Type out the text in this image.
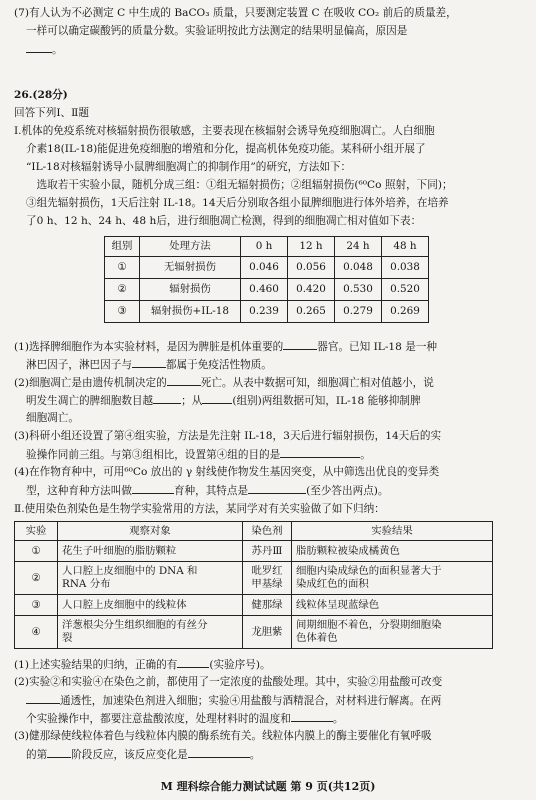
(7)有人认为不必测定 C 中生成的 BaCO₃ 质量，只要测定装置 C 在吸收 CO₂ 前后的质量差，
一样可以确定碳酸钙的质量分数。实验证明按此方法测定的结果明显偏高，原因是
。
26.(28分)
回答下列Ⅰ、Ⅱ题
Ⅰ.机体的免疫系统对核辐射损伤很敏感，主要表现在核辐射会诱导免疫细胞凋亡。人白细胞
介素18(IL-18)能促进免疫细胞的增殖和分化，提高机体免疫功能。某科研小组开展了
“IL-18对核辐射诱导小鼠脾细胞凋亡的抑制作用”的研究，方法如下：
　选取若干实验小鼠，随机分成三组：①组无辐射损伤；②组辐射损伤(⁶⁰Co 照射，下同)；
③组先辐射损伤，1天后注射 IL-18。14天后分别取各组小鼠脾细胞进行体外培养，在培养
了0 h、12 h、24 h、48 h后，进行细胞凋亡检测，得到的细胞凋亡相对值如下表：
组别	处理方法	0 h	12 h	24 h	48 h
①	无辐射损伤	0.046	0.056	0.048	0.038
②	辐射损伤	0.460	0.420	0.530	0.520
③	辐射损伤+IL-18	0.239	0.265	0.279	0.269
(1)选择脾细胞作为本实验材料，是因为脾脏是机体重要的	器官。已知 IL-18 是一种
淋巴因子，淋巴因子与	都属于免疫活性物质。
(2)细胞凋亡是由遗传机制决定的	死亡。从表中数据可知，细胞凋亡相对值越小，说
明发生凋亡的脾细胞数目越	；从	(组别)两组数据可知，IL-18 能够抑制脾
细胞凋亡。
(3)科研小组还设置了第④组实验，方法是先注射 IL-18，3天后进行辐射损伤，14天后的实
验操作同前三组。与第③组相比，设置第④组的目的是	。
(4)在作物育种中，可用⁶⁰Co 放出的 γ 射线使作物发生基因突变，从中筛选出优良的变异类
型，这种育种方法叫做	育种，其特点是	(至少答出两点)。
Ⅱ.使用染色剂染色是生物学实验常用的方法，某同学对有关实验做了如下归纳：
实验	观察对象	染色剂	实验结果
①	花生子叶细胞的脂肪颗粒	苏丹Ⅲ	脂肪颗粒被染成橘黄色
②	人口腔上皮细胞中的 DNA 和
RNA 分布	吡罗红
甲基绿	细胞内染成绿色的面积显著大于
染成红色的面积
③	人口腔上皮细胞中的线粒体	健那绿	线粒体呈现蓝绿色
④	洋葱根尖分生组织细胞的有丝分
裂	龙胆紫	间期细胞不着色，分裂期细胞染
色体着色
(1)上述实验结果的归纳，正确的有	(实验序号)。
(2)实验②和实验④在染色之前，都使用了一定浓度的盐酸处理。其中，实验②用盐酸可改变
通透性，加速染色剂进入细胞；实验④用盐酸与酒精混合，对材料进行解离。在两
个实验操作中，都要注意盐酸浓度，处理材料时的温度和	。
(3)健那绿使线粒体着色与线粒体内膜的酶系统有关。线粒体内膜上的酶主要催化有氧呼吸
的第 阶段反应，该反应变化是	。
M 理科综合能力测试试题 第 9 页(共12页)
